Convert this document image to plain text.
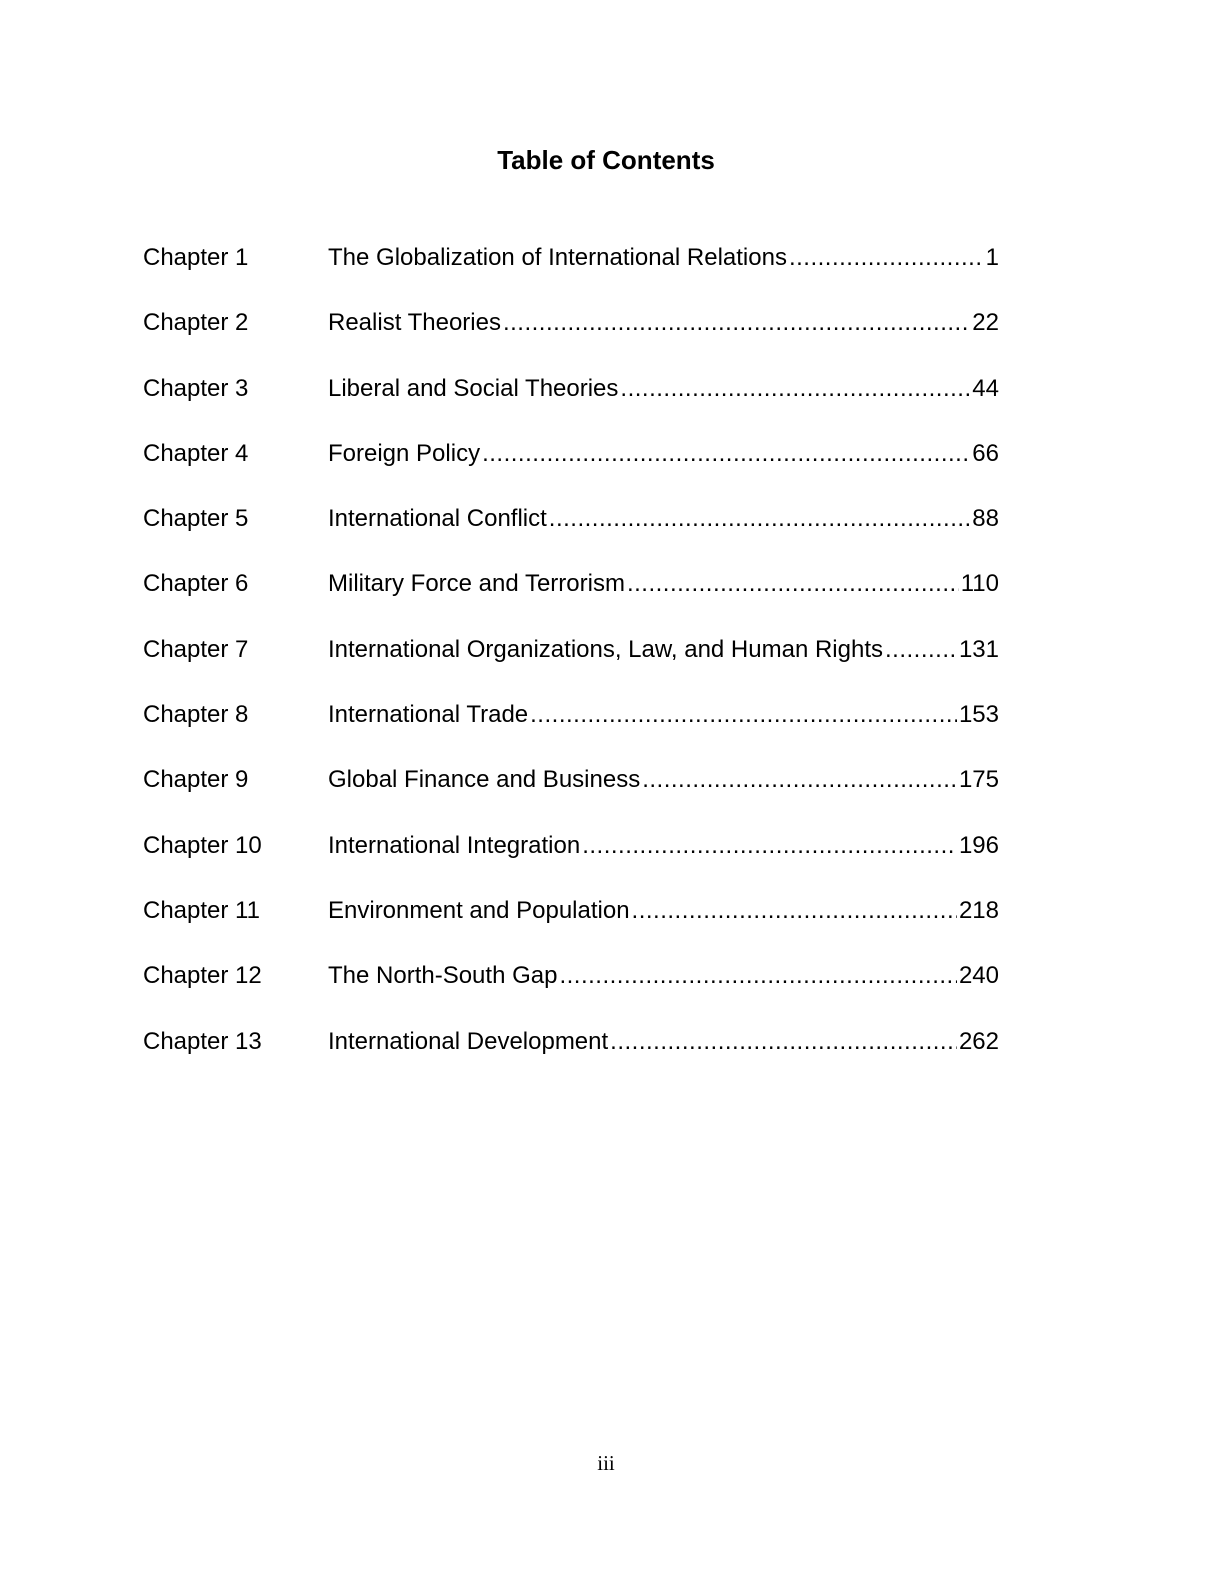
Table of Contents
Chapter 1	The Globalization of International Relations .....	1
Chapter 2	Realist Theories .....	22
Chapter 3	Liberal and Social Theories .....	44
Chapter 4	Foreign Policy .....	66
Chapter 5	International Conflict .....	88
Chapter 6	Military Force and Terrorism .....	110
Chapter 7	International Organizations, Law, and Human Rights .....	131
Chapter 8	International Trade .....	153
Chapter 9	Global Finance and Business .....	175
Chapter 10	International Integration .....	196
Chapter 11	Environment and Population .....	218
Chapter 12	The North-South Gap .....	240
Chapter 13	International Development .....	262
iii
